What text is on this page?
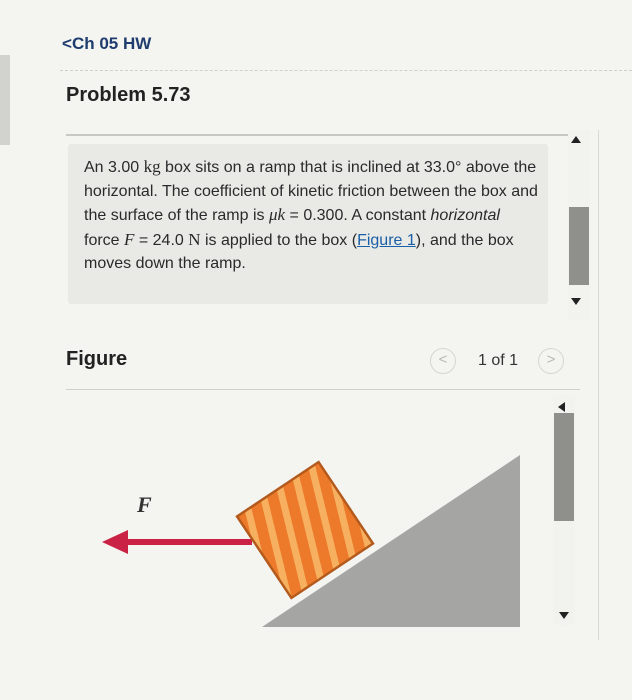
<Ch 05 HW
Problem 5.73
An 3.00 kg box sits on a ramp that is inclined at 33.0° above the horizontal. The coefficient of kinetic friction between the box and the surface of the ramp is μk = 0.300. A constant horizontal force F = 24.0 N is applied to the box (Figure 1), and the box moves down the ramp.
Figure	<	1 of 1	>
F
